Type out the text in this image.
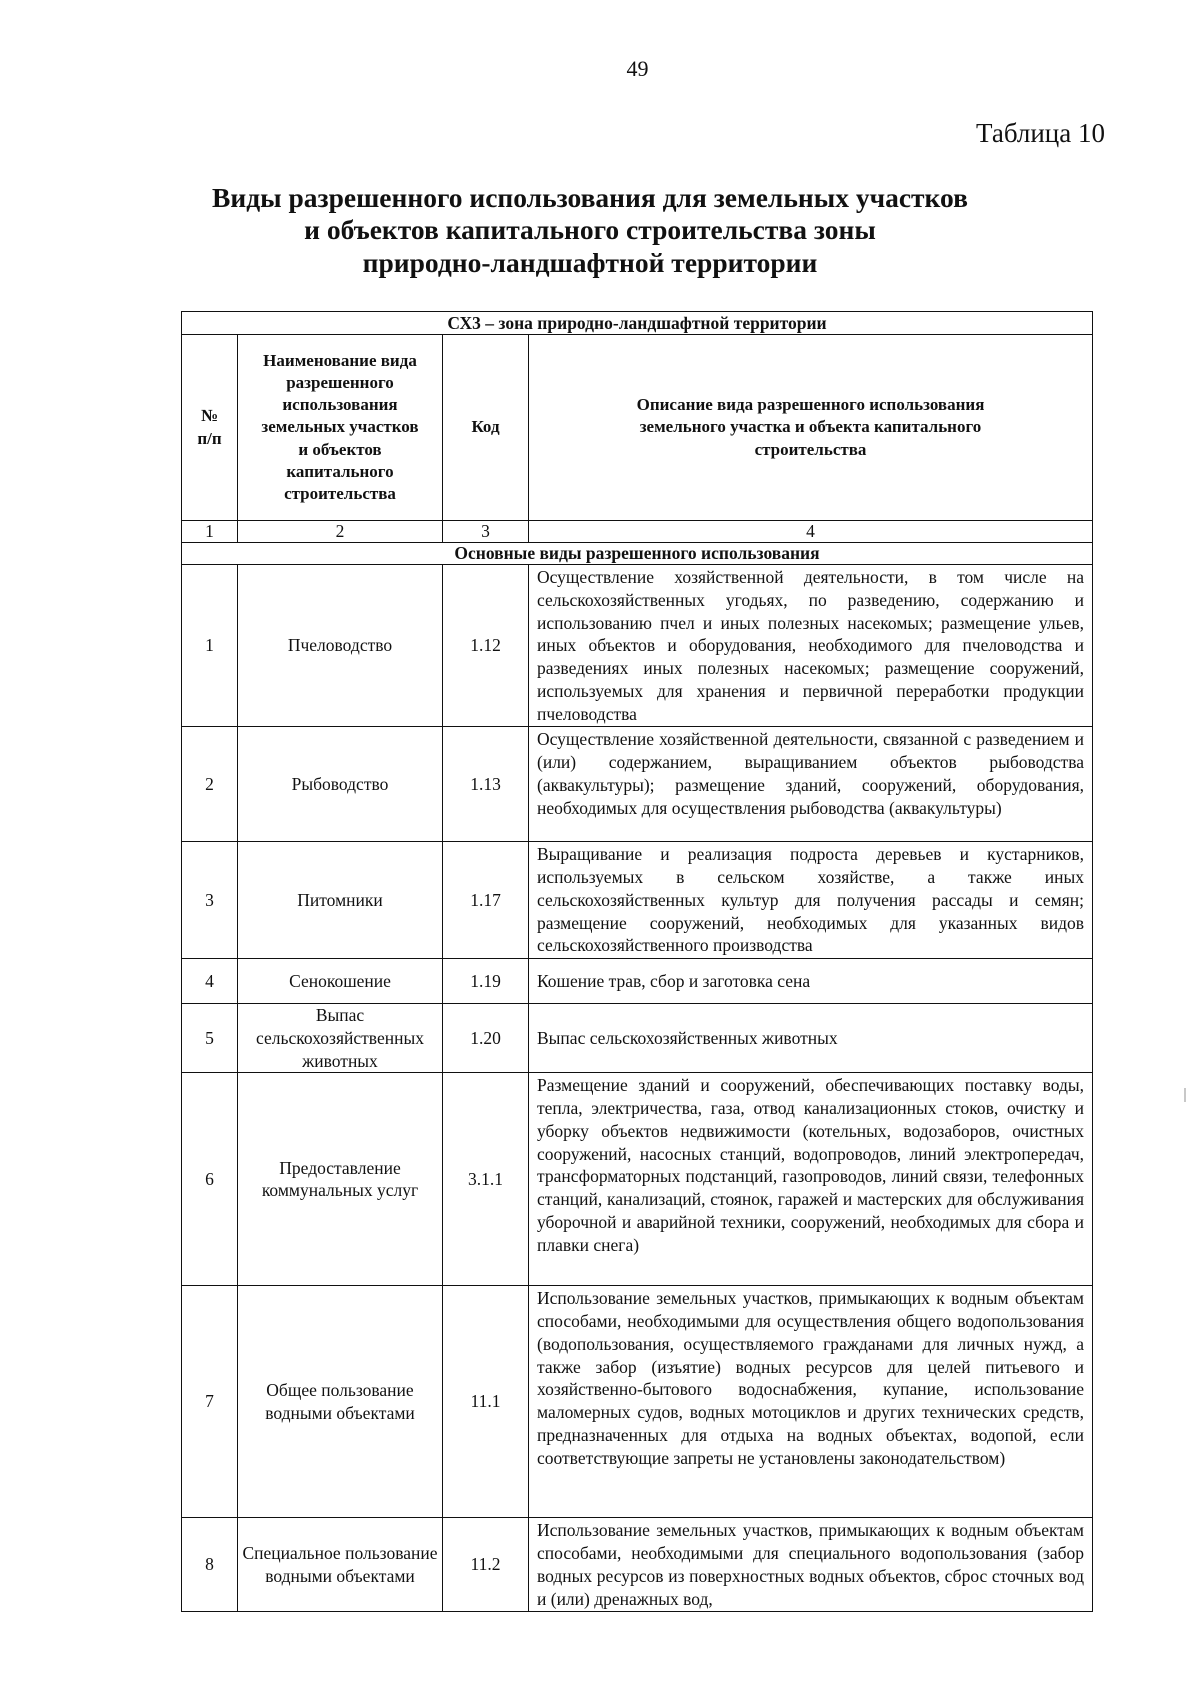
49
Таблица 10
Виды разрешенного использования для земельных участков
и объектов капитального строительства зоны
природно-ландшафтной территории
СХ3 – зона природно-ландшафтной территории			
№
п/п	Наименование вида разрешенного использования земельных участков и объектов капитального строительства	Код	Описание вида разрешенного использования земельного участка и объекта капитального строительства
1	2	3	4
Основные виды разрешенного использования			
1	Пчеловодство	1.12	Осуществление хозяйственной деятельности, в том числе на сельскохозяйственных угодьях, по разведению, содержанию и использованию пчел и иных полезных насекомых; размещение ульев, иных объектов и оборудования, необходимого для пчеловодства и разведениях иных полезных насекомых; размещение сооружений, используемых для хранения и первичной переработки продукции пчеловодства
2	Рыбоводство	1.13	Осуществление хозяйственной деятельности, связанной с разведением и (или) содержанием, выращиванием объектов рыбоводства (аквакультуры); размещение зданий, сооружений, оборудования, необходимых для осуществления рыбоводства (аквакультуры)
3	Питомники	1.17	Выращивание и реализация подроста деревьев и кустарников, используемых в сельском хозяйстве, а также иных сельскохозяйственных культур для получения рассады и семян; размещение сооружений, необходимых для указанных видов сельскохозяйственного производства
4	Сенокошение	1.19	Кошение трав, сбор и заготовка сена
5	Выпас сельскохозяйственных животных	1.20	Выпас сельскохозяйственных животных
6	Предоставление коммунальных услуг	3.1.1	Размещение зданий и сооружений, обеспечивающих поставку воды, тепла, электричества, газа, отвод канализационных стоков, очистку и уборку объектов недвижимости (котельных, водозаборов, очистных сооружений, насосных станций, водопроводов, линий электропередач, трансформаторных подстанций, газопроводов, линий связи, телефонных станций, канализаций, стоянок, гаражей и мастерских для обслуживания уборочной и аварийной техники, сооружений, необходимых для сбора и плавки снега)
7	Общее пользование водными объектами	11.1	Использование земельных участков, примыкающих к водным объектам способами, необходимыми для осуществления общего водопользования (водопользования, осуществляемого гражданами для личных нужд, а также забор (изъятие) водных ресурсов для целей питьевого и хозяйственно-бытового водоснабжения, купание, использование маломерных судов, водных мотоциклов и других технических средств, предназначенных для отдыха на водных объектах, водопой, если соответствующие запреты не установлены законодательством)
8	Специальное пользование водными объектами	11.2	Использование земельных участков, примыкающих к водным объектам способами, необходимыми для специального водопользования (забор водных ресурсов из поверхностных водных объектов, сброс сточных вод и (или) дренажных вод,
